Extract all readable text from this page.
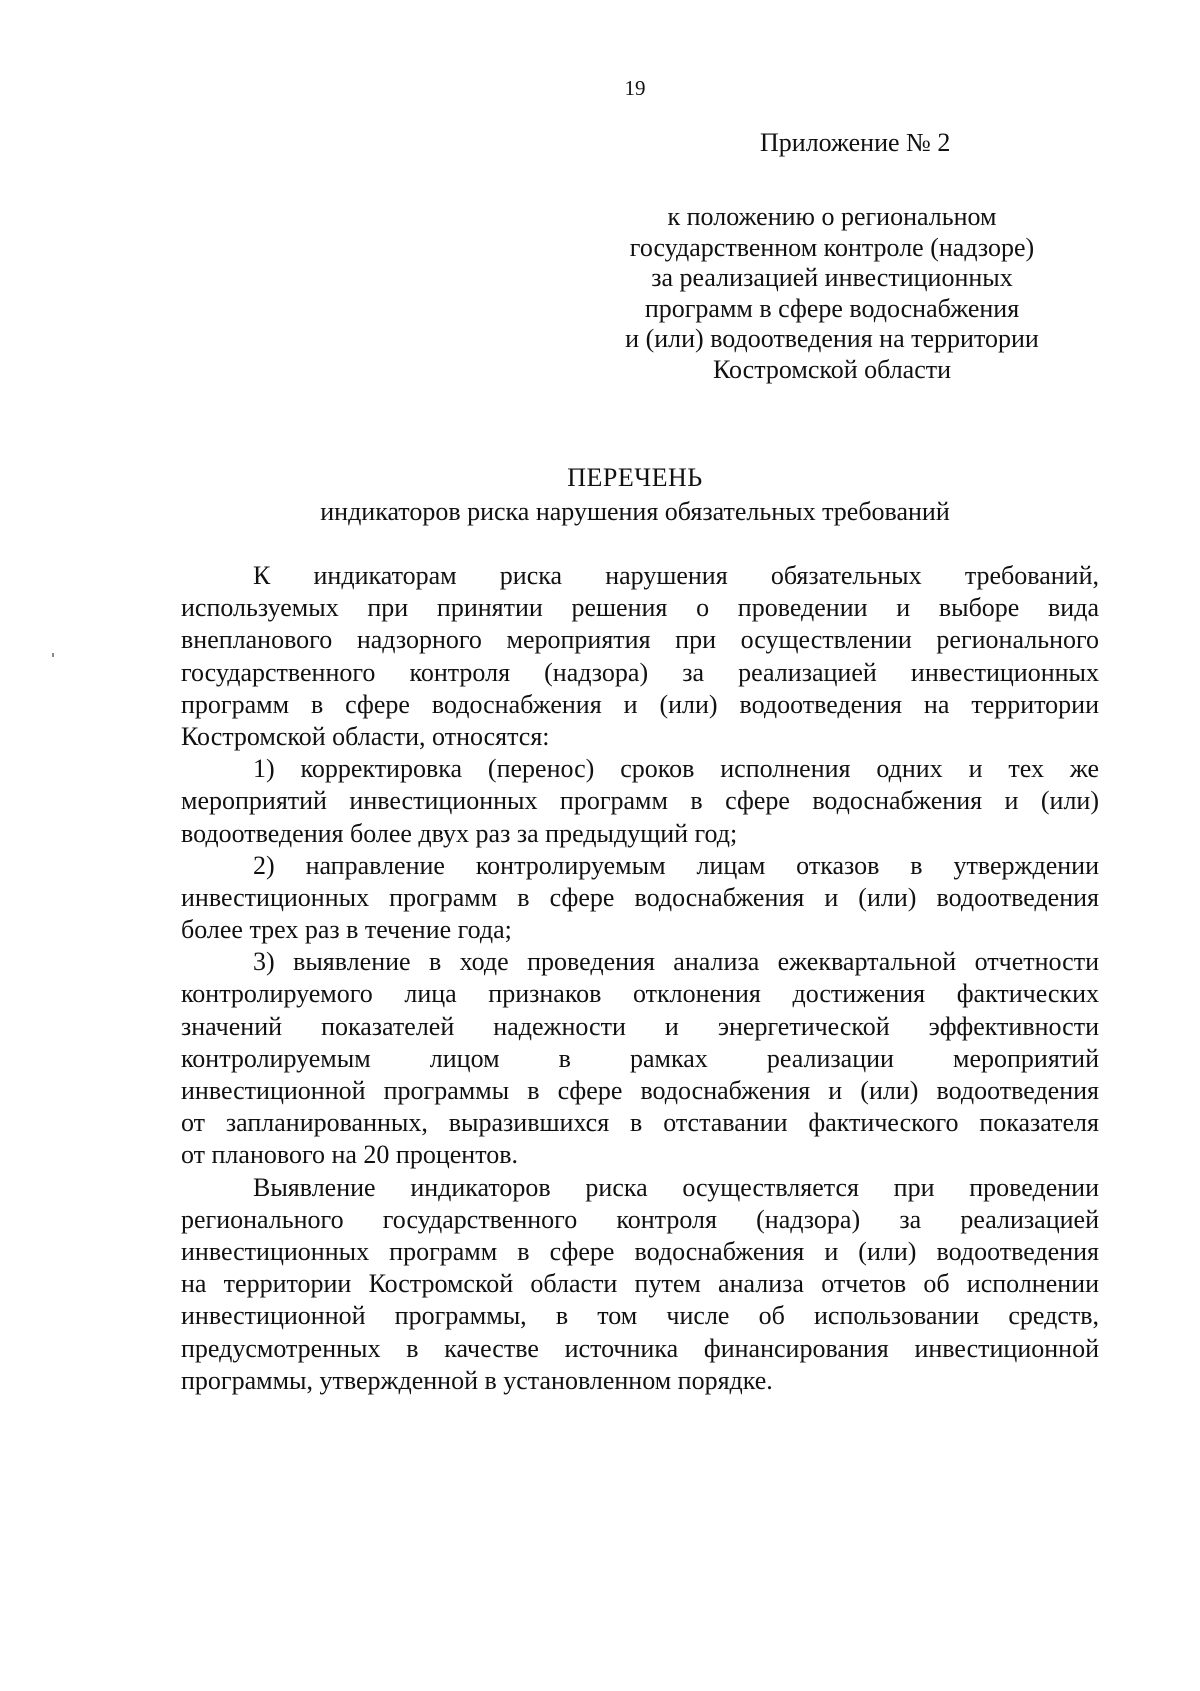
19

Приложение № 2

к положению о региональном
государственном контроле (надзоре)
за реализацией инвестиционных
программ в сфере водоснабжения
и (или) водоотведения на территории
Костромской области

ПЕРЕЧЕНЬ

индикаторов риска нарушения обязательных требований

К индикаторам риска нарушения обязательных требований,
используемых при принятии решения о проведении и выборе вида
внепланового надзорного мероприятия при осуществлении регионального
государственного контроля (надзора) за реализацией инвестиционных
программ в сфере водоснабжения и (или) водоотведения на территории
Костромской области, относятся:
1) корректировка (перенос) сроков исполнения одних и тех же
мероприятий инвестиционных программ в сфере водоснабжения и (или)
водоотведения более двух раз за предыдущий год;
2) направление контролируемым лицам отказов в утверждении
инвестиционных программ в сфере водоснабжения и (или) водоотведения
более трех раз в течение года;
3) выявление в ходе проведения анализа ежеквартальной отчетности
контролируемого лица признаков отклонения достижения фактических
значений показателей надежности и энергетической эффективности
контролируемым лицом в рамках реализации мероприятий
инвестиционной программы в сфере водоснабжения и (или) водоотведения
от запланированных, выразившихся в отставании фактического показателя
от планового на 20 процентов.
Выявление индикаторов риска осуществляется при проведении
регионального государственного контроля (надзора) за реализацией
инвестиционных программ в сфере водоснабжения и (или) водоотведения
на территории Костромской области путем анализа отчетов об исполнении
инвестиционной программы, в том числе об использовании средств,
предусмотренных в качестве источника финансирования инвестиционной
программы, утвержденной в установленном порядке.
